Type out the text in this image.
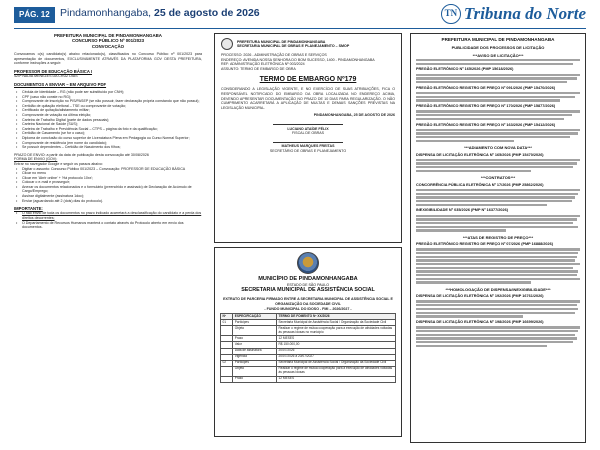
PÁG. 12 Pindamonhangaba, 25 de agosto de 2026	TN Tribuna do Norte
PREFEITURA MUNICIPAL DE PINDAMONHANGABA
CONCURSO PÚBLICO Nº 001/2023
CONVOCAÇÃO
Convocamos o(s) candidato(s) abaixo relacionado(s), classificados no Concurso Público nº 001/2023 para apresentação de documentos, EXCLUSIVAMENTE ATRAVÉS DA PLATAFORMA GOV DESTA PREFEITURA, conforme instruções a seguir:
PROFESSOR DE EDUCAÇÃO BÁSICA I
420ª NÁDIA MENEZES DA CRUZ DIAS
DOCUMENTOS A ENVIAR – EM ARQUIVO PDF
• Cédula de Identidade – RG (não pode ser substituído por CNH);
• CPF (caso não conste no RG);
• Comprovante de inscrição no PIS/PASEP (se não possuir, fazer declaração própria constando que não possui);
• Certidão de quitação eleitoral – TSE ou comprovante de votação;
• Certificado de quitação/alistamento militar;
• Comprovante de votação na última eleição;
• Carteira de Trabalho Digital (parte de dados pessoais);
• Carteira Nacional de Saúde (SUS);
• Carteira de Trabalho e Previdência Social – CTPS – página da foto e da qualificação;
• Certidão de Casamento (se for o caso);
• Diploma de conclusão do curso superior de Licenciatura Plena em Pedagogia ou Curso Normal Superior;
• Comprovante de residência (em nome do candidato);
• Se possuir dependentes – Certidão de Nascimento dos filhos;
PRAZO DE ENVIO: a partir da data de publicação desta convocação até 30/08/2026
FORMA DE ENVIO (GOV):
Entrar no navegador Google e seguir os passos abaixo:
• Digitar o assunto: Concurso Público 001/2023 – Convocação: PROFESSOR DE EDUCAÇÃO BÁSICA
• Clicar no menu
• Clicar em 'Abrir online' + 'Há protocolo 10xx';
• Colocar o e-mail e prosseguir;
• Anexar os documentos relacionados e o formulário (preenchido e assinado) de Declaração de Acúmulo de Cargo/Emprego;
• Assinar digitalmente (assinatura 1doc);
• Enviar (aguardando até 2 (dois) dias do protocolo).
IMPORTANTE:
• O não envio de toda os documentos no prazo indicado acarretará a desclassificação do candidato e a perda dos direitos decorrentes;
• O Departamento de Recursos Humanos manterá o contato através do Protocolo aberto em envio dos documentos.
PREFEITURA MUNICIPAL DE PINDAMONHANGABA
SECRETARIA MUNICIPAL DE OBRAS E PLANEJAMENTO – SMOP
PROCESSO: 2026 - ADMINISTRAÇÃO DE OBRAS E SERVIÇOS
ENDEREÇO: AVENIDA NOSSA SENHORA DO BOM SUCESSO, 1400 - PINDAMONHANGABA
REF: ADMINISTRAÇÃO ELETRÔNICA Nº 003/2024
ASSUNTO: TERMO DE EMBARGO DE OBRA
TERMO DE EMBARGO Nº179
CONSIDERANDO A LEGISLAÇÃO VIGENTE, E NO EXERCÍCIO DE SUAS ATRIBUIÇÕES, FICA O RESPONSÁVEL NOTIFICADO DO EMBARGO DA OBRA LOCALIZADA NO ENDEREÇO ACIMA, DEVENDO APRESENTAR DOCUMENTAÇÃO NO PRAZO DE 10 DIAS PARA REGULARIZAÇÃO. O NÃO CUMPRIMENTO ACARRETARÁ A APLICAÇÃO DE MULTAS E DEMAIS SANÇÕES PREVISTAS NA LEGISLAÇÃO MUNICIPAL.
PINDAMONHANGABA, 25 DE AGOSTO DE 2026
LUCIANO ATAÍDE FÉLIX
FISCAL DE OBRAS
MATHEUS MARQUES FREITAS
SECRETÁRIO DE OBRAS E PLANEJAMENTO
MUNICÍPIO DE PINDAMONHANGABA
ESTADO DE SÃO PAULO
SECRETARIA MUNICIPAL DE ASSISTÊNCIA SOCIAL
EXTRATO DE PARCERIA FIRMADO ENTRE A SECRETARIA MUNICIPAL DE ASSISTÊNCIA SOCIAL E ORGANIZAÇÃO DA SOCIEDADE CIVIL
- FUNDO MUNICIPAL DO IDOSO - FMI – 2026/2027 -
Nº	ESPECIFICAÇÃO	TERMO DE FOMENTO Nº XX/2026
01	Partícipes	Secretaria Municipal de Assistência Social / Organização da Sociedade Civil
	Objeto	Realizar o regime de mútua cooperação para a execução de atividades voltadas às pessoas idosas no município
	Prazo	12 MESES
	Valor	R$ 150.000,00
	Data de assinatura	20/07/2026
	Vigência	20/07/2026 a 20/07/2027
02	Partícipes	Secretaria Municipal de Assistência Social / Organização da Sociedade Civil
	Objeto	Realizar o regime de mútua cooperação para a execução de atividades voltadas às pessoas idosas
	Prazo	12 MESES
PREFEITURA MUNICIPAL DE PINDAMONHANGABA
PUBLICIDADE DOS PROCESSOS DE LICITAÇÃO
***AVISO DE LICITAÇÃO***
PREGÃO ELETRÔNICO Nº 165/2026 (PMP 15618/2026)
PREGÃO ELETRÔNICO REGISTRO DE PREÇO Nº 091/2026 (PMP 15470/2026)
PREGÃO ELETRÔNICO REGISTRO DE PREÇO Nº 170/2026 (PMP 15877/2026)
PREGÃO ELETRÔNICO REGISTRO DE PREÇO Nº 163/2026 (PMP 15412/2026)
***ADIAMENTO COM NOVA DATA***
DISPENSA DE LICITAÇÃO ELETRÔNICA Nº 165/2026 (PMP 15470/2026)
***CONTRATOS***
CONCORRÊNCIA PÚBLICA ELETRÔNICA Nº 17/2026 (PMP 25862/2026)
INEXIGIBILIDADE Nº 035/2026 (PMP Nº 16377/2026)
***ATAS DE REGISTRO DE PREÇO***
PREGÃO ELETRÔNICO REGISTRO DE PREÇO Nº 07/2026 (PMP 16888/2026)
***HOMOLOGAÇÃO DE DISPENSA/INEXIGIBILIDADE***
DISPENSA DE LICITAÇÃO ELETRÔNICA Nº 192/2026 (PMP 16761/2026)
DISPENSA DE LICITAÇÃO ELETRÔNICA Nº 198/2026 (PMP 16699/2026)
